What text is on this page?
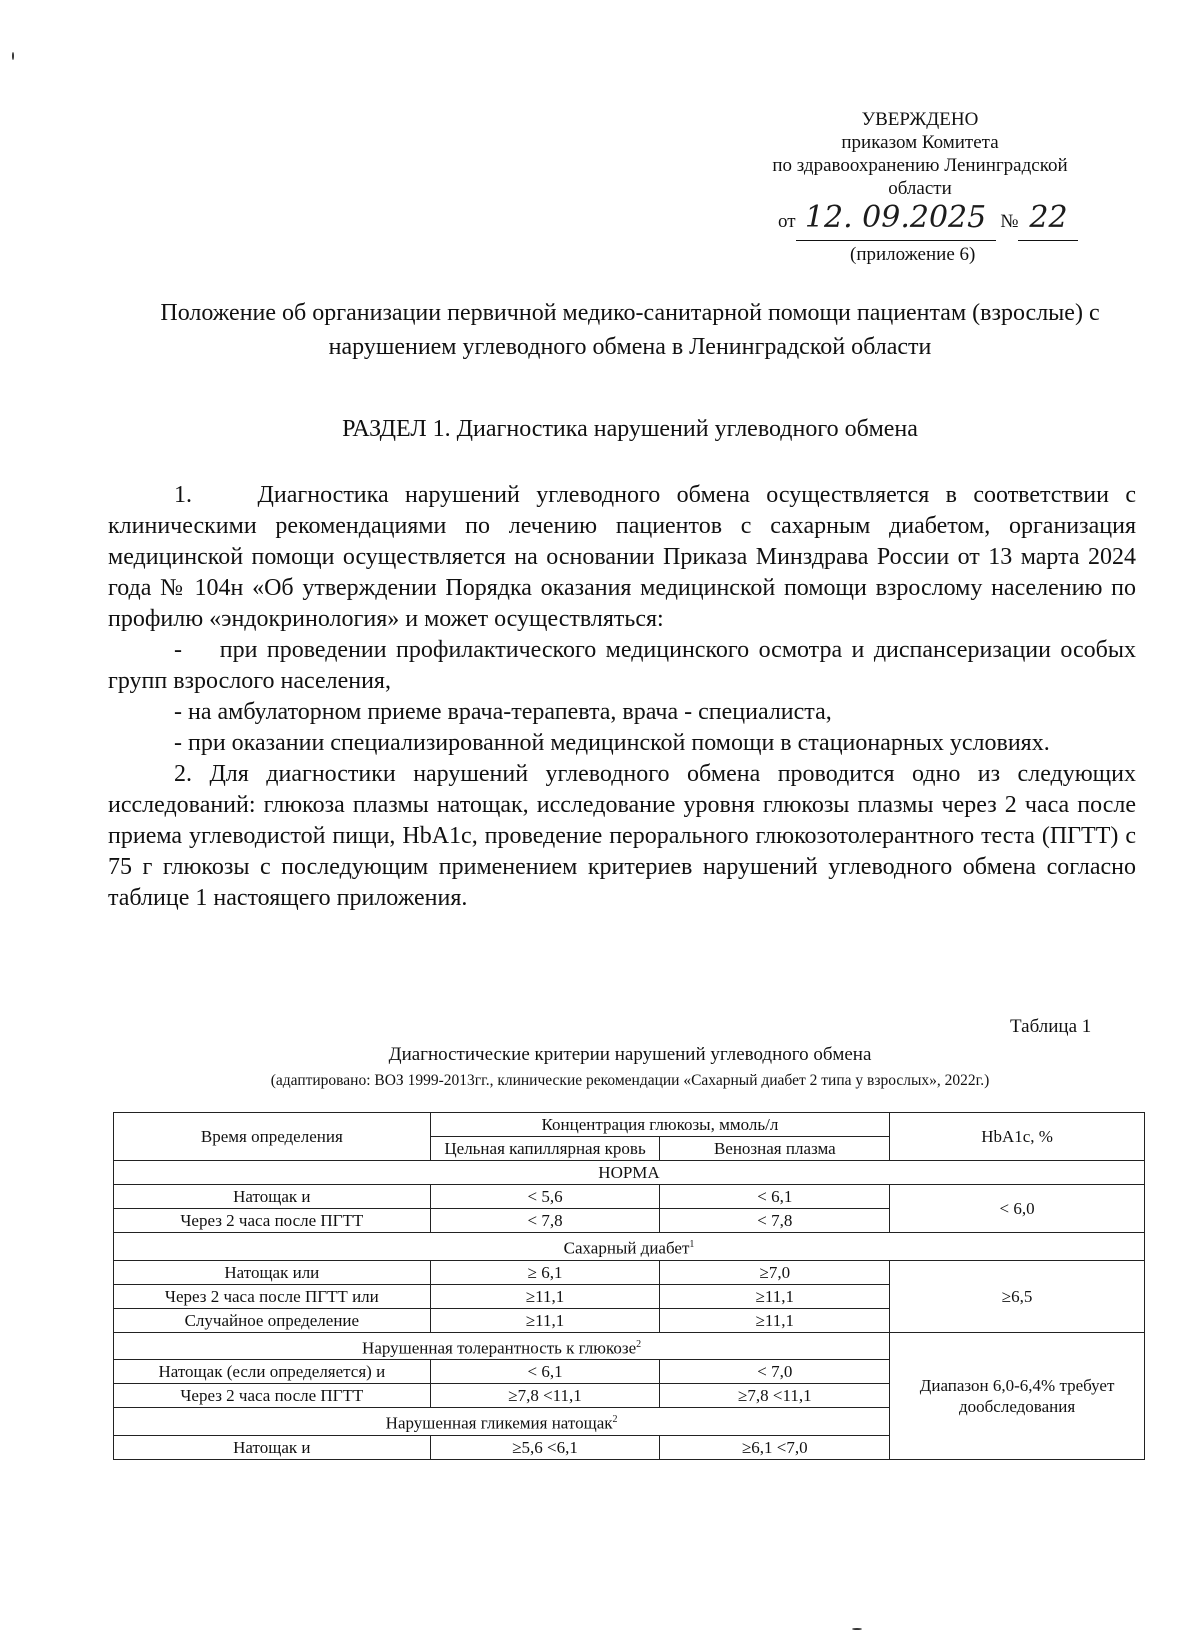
УВЕРЖДЕНО
приказом Комитета
по здравоохранению Ленинградской
области
от 12. 09.2025 № 22
(приложение 6)
Положение об организации первичной медико-санитарной помощи пациентам (взрослые) с нарушением углеводного обмена в Ленинградской области
РАЗДЕЛ 1. Диагностика нарушений углеводного обмена

1.    Диагностика нарушений углеводного обмена осуществляется в соответствии с клиническими рекомендациями по лечению пациентов с сахарным диабетом, организация медицинской помощи осуществляется на основании Приказа Минздрава России от 13 марта 2024 года № 104н «Об утверждении Порядка оказания медицинской помощи взрослому населению по профилю «эндокринология» и может осуществляться:

-    при проведении профилактического медицинского осмотра и диспансеризации особых групп взрослого населения,

- на амбулаторном приеме врача-терапевта, врача - специалиста,

- при оказании специализированной медицинской помощи в стационарных условиях.

2. Для диагностики нарушений углеводного обмена проводится одно из следующих исследований: глюкоза плазмы натощак, исследование уровня глюкозы плазмы через 2 часа после приема углеводистой пищи, HbA1c, проведение перорального глюкозотолерантного теста (ПГТТ) с 75 г глюкозы с последующим применением критериев нарушений углеводного обмена согласно таблице 1 настоящего приложения.

Таблица 1
Диагностические критерии нарушений углеводного обмена
(адаптировано: ВОЗ 1999-2013гг., клинические рекомендации «Сахарный диабет 2 типа у взрослых», 2022г.)
Время определения	Концентрация глюкозы, ммоль/л		HbA1c, %
	Цельная капиллярная кровь	Венозная плазма	
НОРМА			
Натощак и	< 5,6	< 6,1	< 6,0
Через 2 часа после ПГТТ	< 7,8	< 7,8	
Сахарный диабет$^1$
Натощак или	≥ 6,1	≥7,0	≥6,5
Через 2 часа после ПГТТ или	≥11,1	≥11,1	
Случайное определение	≥11,1	≥11,1	
Нарушенная толерантность к глюкозе$^2$			Диапазон 6,0-6,4% требует дообследования
Натощак (если определяется) и	< 6,1	< 7,0	
Через 2 часа после ПГТТ	≥7,8 <11,1	≥7,8 <11,1	
Нарушенная гликемия натощак$^2$
Натощак и	≥5,6 <6,1	≥6,1 <7,0	
